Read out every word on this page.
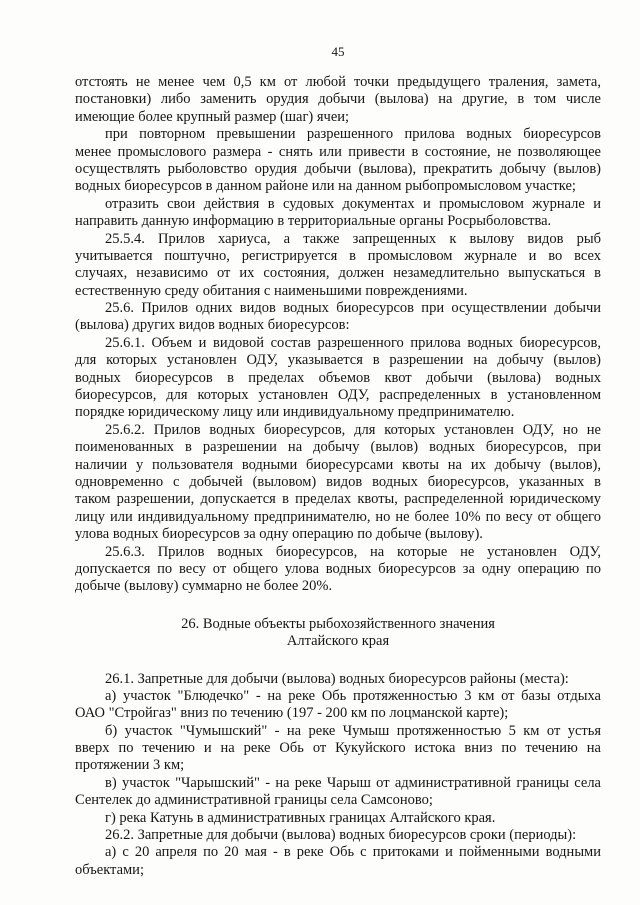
45
отстоять не менее чем 0,5 км от любой точки предыдущего траления, замета,
постановки) либо заменить орудия добычи (вылова) на другие, в том числе
имеющие более крупный размер (шаг) ячеи;
при повторном превышении разрешенного прилова водных биоресурсов
менее промыслового размера - снять или привести в состояние, не позволяющее
осуществлять рыболовство орудия добычи (вылова), прекратить добычу (вылов)
водных биоресурсов в данном районе или на данном рыбопромысловом участке;
отразить свои действия в судовых документах и промысловом журнале и
направить данную информацию в территориальные органы Росрыболовства.
25.5.4. Прилов хариуса, а также запрещенных к вылову видов рыб
учитывается поштучно, регистрируется в промысловом журнале и во всех
случаях, независимо от их состояния, должен незамедлительно выпускаться в
естественную среду обитания с наименьшими повреждениями.
25.6. Прилов одних видов водных биоресурсов при осуществлении добычи
(вылова) других видов водных биоресурсов:
25.6.1. Объем и видовой состав разрешенного прилова водных биоресурсов,
для которых установлен ОДУ, указывается в разрешении на добычу (вылов)
водных биоресурсов в пределах объемов квот добычи (вылова) водных
биоресурсов, для которых установлен ОДУ, распределенных в установленном
порядке юридическому лицу или индивидуальному предпринимателю.
25.6.2. Прилов водных биоресурсов, для которых установлен ОДУ, но не
поименованных в разрешении на добычу (вылов) водных биоресурсов, при
наличии у пользователя водными биоресурсами квоты на их добычу (вылов),
одновременно с добычей (выловом) видов водных биоресурсов, указанных в
таком разрешении, допускается в пределах квоты, распределенной юридическому
лицу или индивидуальному предпринимателю, но не более 10% по весу от общего
улова водных биоресурсов за одну операцию по добыче (вылову).
25.6.3. Прилов водных биоресурсов, на которые не установлен ОДУ,
допускается по весу от общего улова водных биоресурсов за одну операцию по
добыче (вылову) суммарно не более 20%.
26. Водные объекты рыбохозяйственного значения
Алтайского края
26.1. Запретные для добычи (вылова) водных биоресурсов районы (места):
а) участок "Блюдечко" - на реке Обь протяженностью 3 км от базы отдыха
ОАО "Стройгаз" вниз по течению (197 - 200 км по лоцманской карте);
б) участок "Чумышский" - на реке Чумыш протяженностью 5 км от устья
вверх по течению и на реке Обь от Кукуйского истока вниз по течению на
протяжении 3 км;
в) участок "Чарышский" - на реке Чарыш от административной границы села
Сентелек до административной границы села Самсоново;
г) река Катунь в административных границах Алтайского края.
26.2. Запретные для добычи (вылова) водных биоресурсов сроки (периоды):
а) с 20 апреля по 20 мая - в реке Обь с притоками и пойменными водными
объектами;
